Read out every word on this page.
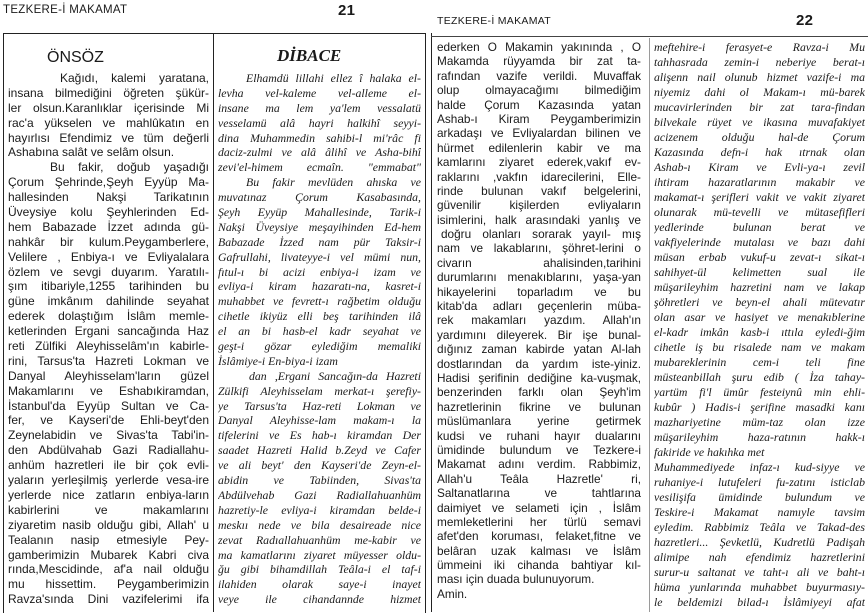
TEZKERE-İ MAKAMAT	21
ÖNSÖZ	DİBACE
Kağıdı, kalemi yaratana,
insana bilmediğini öğreten şükür-
ler olsun.Karanlıklar içerisinde Mi
rac'a yükselen ve mahlûkatın en
hayırlısı Efendimiz ve tüm değerli
Ashabına salât ve selâm olsun.
Bu fakir, doğub yaşadığı
Çorum Şehrinde,Şeyh Eyyüp Ma-
hallesinden Nakşi Tarikatının
Üveysiye kolu Şeyhlerinden Ed-
hem Babazade İzzet adında gü-
nahkâr bir kulum.Peygamberlere,
Velilere , Enbiya-ı ve Evliyalalara
özlem ve sevgi duyarım. Yaratılı-
şım itibariyle,1255 tarihinden bu
güne imkânım dahilinde seyahat
ederek dolaştığım İslâm memle-
ketlerinden Ergani sancağında Haz
reti Zülfiki Aleyhisselâm'ın kabirle-
rini, Tarsus'ta Hazreti Lokman ve
Danyal Aleyhisselam'ların güzel
Makamlarını ve Eshabıkiramdan,
İstanbul'da Eyyüp Sultan ve Ca-
fer, ve Kayseri'de Ehli-beyt'den
Zeynelabidin ve Sivas'ta Tabi'in-
den Abdülvahab Gazi Radiallahu-
anhüm hazretleri ile bir çok evli-
yaların yerleşilmiş yerlerde vesa-ire
yerlerde nice zatların enbiya-ların
kabirlerini ve makamlarını
ziyaretim nasib olduğu gibi, Allah' u
Tealanın nasip etmesiyle Pey-
gamberimizin Mubarek Kabri civa
rında,Mescidinde, af'a nail olduğu
mu hissettim. Peygamberimizin
Ravza'sında Dini vazifelerimi ifa
Elhamdü lillahi ellez î halaka el-
levha vel-kaleme vel-alleme el-
insane ma lem ya'lem vessalatü
vesselamü alâ hayri halkihî seyyi-
dina Muhammedin sahibi-l mi'râc fi
daciz-zulmi ve alâ âlihî ve Asha-bihî
zevi'el-himem ecmaîn. "emmabat"
Bu fakir mevlüden ahıska ve
muvatınaz Çorum Kasabasında,
Şeyh Eyyüp Mahallesinde, Tarik-i
Nakşi Üveysiye meşayihinden Ed-hem
Babazade İzzed nam pür Taksir-i
Gafrullahi, livateyye-i vel mümi nun,
fıtul-ı bi acizi enbiya-i izam ve
evliya-i kiram hazaratı-na, kasret-i
muhabbet ve fevrett-ı rağbetim olduğu
cihetle ikiyüz elli beş tarihinden ilâ
el an bi hasb-el kadr seyahat ve
geşt-i gözar eylediğim memaliki
İslâmiye-i En-biya-i izam
dan ,Ergani Sancağın-da Hazreti
Zülkifi Aleyhisselam merkat-ı şerefiy-
ye Tarsus'ta Haz-reti Lokman ve
Danyal Aleyhisse-lam makam-ı la
tifelerini ve Es hab-ı kiramdan Der
saadet Hazreti Halid b.Zeyd ve Cafer
ve ali beyt' den Kayseri'de Zeyn-el-
abidin ve Tabiinden, Sivas'ta
Abdülvehab Gazi Radiallahuanhüm
hazretiy-le evliya-i kiramdan belde-i
meskıı nede ve bila desaireade nice
zevat Radıallahuanhüm me-kabir ve
ma kamatlarını ziyaret müyesser oldu-
ğu gibi bihamdillah Teâla-i el taf-i
ilahiden olarak saye-i inayet
veye ile cihandannde hizmet
TEZKERE-İ MAKAMAT	22
ederken O Makamin yakınında , O
Makamda rüyyamda bir zat ta-
rafından vazife verildi. Muvaffak
olup olmayacağımı bilmediğim
halde Çorum Kazasında yatan
Ashab-ı Kiram Peygamberimizin
arkadaşı ve Evliyalardan bilinen ve
hürmet edilenlerin kabir ve ma
kamlarını ziyaret ederek,vakıf ev-
raklarını ,vakfın idarecilerini, Elle-
rinde bulunan vakıf belgelerini,
güvenilir kişilerden evliyaların
isimlerini, halk arasındaki yanlış ve
doğru olanları sorarak yayıl- mış
nam ve lakablarını, şöhret-lerini o
civarın ahalisinden,tarihini
durumlarını menakıblarını, yaşa-yan
hikayelerini toparladım ve bu
kitab'da adları geçenlerin müba-
rek makamları yazdım. Allah'ın
yardımını dileyerek. Bir işe bunal-
dığınız zaman kabirde yatan Al-lah
dostlarından da yardım iste-yiniz.
Hadisi şerifinin dediğine ka-vuşmak,
benzerinden farklı olan Şeyh'im
hazretlerinin fikrine ve bulunan
müslümanlara yerine getirmek
kudsi ve ruhani hayır dualarını
ümidinde bulundum ve Tezkere-i
Makamat adını verdim. Rabbimiz,
Allah'u Teâla Hazretle' ri,
Saltanatlarına ve tahtlarına
daimiyet ve selameti için , İslâm
memleketlerini her türlü semavi
afet'den koruması, felaket,fitne ve
belâran uzak kalması ve İslâm
ümmeini iki cihanda bahtiyar kıl-
ması için duada bulunuyorum.
Amin.
meftehire-i ferasyet-e Ravza-i Mu
tahhasrada zemin-i neberiye berat-ı
alişenn nail olunub hizmet vazife-i ma
niyemiz dahi ol Makam-ı mü-barek
mucavirlerinden bir zat tara-findan
bilvekale rüyet ve ikasına muvafakiyet
acizenem olduğu hal-de Çorum
Kazasında defn-i hak ıtrnak olan
Ashab-ı Kiram ve Evli-ya-ı zevil
ihtiram hazaratlarının makabir ve
makamat-ı şerifleri vakit ve vakit ziyaret
olunarak mü-tevelli ve mütasefifleri
yedlerinde bulunan berat ve
vakfiyelerinde mutalası ve bazı dahi
müsan erbab vukuf-u zevat-ı sikat-ı
sahihyet-ül kelimetten sual ile
müşarileyhim hazretini nam ve lakap
şöhretleri ve beyn-el ahali mütevatır
olan asar ve hasiyet ve menakıblerine
el-kadr imkân kasb-i ıttıla eyledi-ğim
cihetle iş bu risalede nam ve makam
mubareklerinin cem-i teli fine
müsteanbillah şuru edib ( İza tahay-
yartüm fi'l ümûr festeiynû min ehli-
kubûr ) Hadis-i şerifine masadki kanı
mazhariyetine müm-taz olan izze
müşarileyhim haza-ratının hakk-ı
fakiride ve hakıhka met
Muhammediyede infaz-ı kud-siyye ve
ruhaniye-i lutufeleri fu-zatını isticlab
vesilişifa ümidinde bulundum ve
Teskire-i Makamat namıyle tavsim
eyledim. Rabbimiz Teâla ve Takad-des
hazretleri... Şevketlü, Kudretlü Padişah
alimipe nah efendimiz hazretlerini
surur-u saltanat ve taht-ı ali ve baht-ı
hüma yunlarında muhabbet buyurmasıy-
le beldemizi bilad-ı İslâmiyeyi afat
